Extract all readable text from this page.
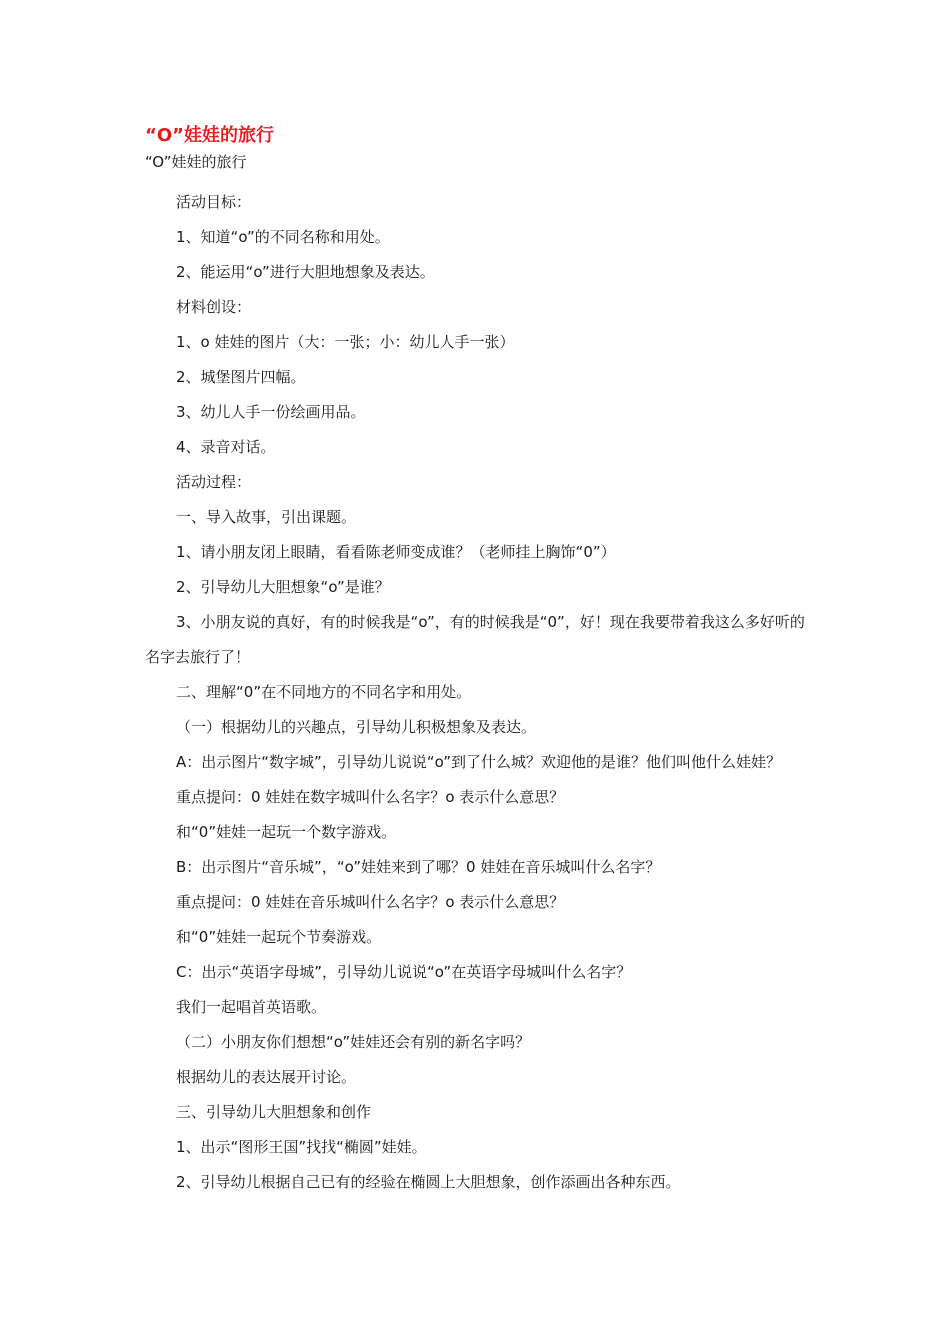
“O”娃娃的旅行
“O”娃娃的旅行

活动目标：

1、知道“o”的不同名称和用处。

2、能运用“o”进行大胆地想象及表达。

材料创设：

1、o 娃娃的图片（大：一张；小：幼儿人手一张）

2、城堡图片四幅。

3、幼儿人手一份绘画用品。

4、录音对话。

活动过程：

一、导入故事，引出课题。

1、请小朋友闭上眼睛，看看陈老师变成谁？（老师挂上胸饰“0”）

2、引导幼儿大胆想象“o”是谁？

3、小朋友说的真好，有的时候我是“o”，有的时候我是“0”，好！现在我要带着我这么多好听的名字去旅行了！

二、理解“0”在不同地方的不同名字和用处。

（一）根据幼儿的兴趣点，引导幼儿积极想象及表达。

A：出示图片“数字城”，引导幼儿说说“o”到了什么城？欢迎他的是谁？他们叫他什么娃娃？

重点提问：0 娃娃在数字城叫什么名字？o 表示什么意思？

和“0”娃娃一起玩一个数字游戏。

B：出示图片“音乐城”，“o”娃娃来到了哪？0 娃娃在音乐城叫什么名字？

重点提问：0 娃娃在音乐城叫什么名字？o 表示什么意思？

和“0”娃娃一起玩个节奏游戏。

C：出示“英语字母城”，引导幼儿说说“o”在英语字母城叫什么名字？

我们一起唱首英语歌。

（二）小朋友你们想想“o”娃娃还会有别的新名字吗？

根据幼儿的表达展开讨论。

三、引导幼儿大胆想象和创作

1、出示“图形王国”找找“椭圆”娃娃。

2、引导幼儿根据自己已有的经验在椭圆上大胆想象，创作添画出各种东西。
